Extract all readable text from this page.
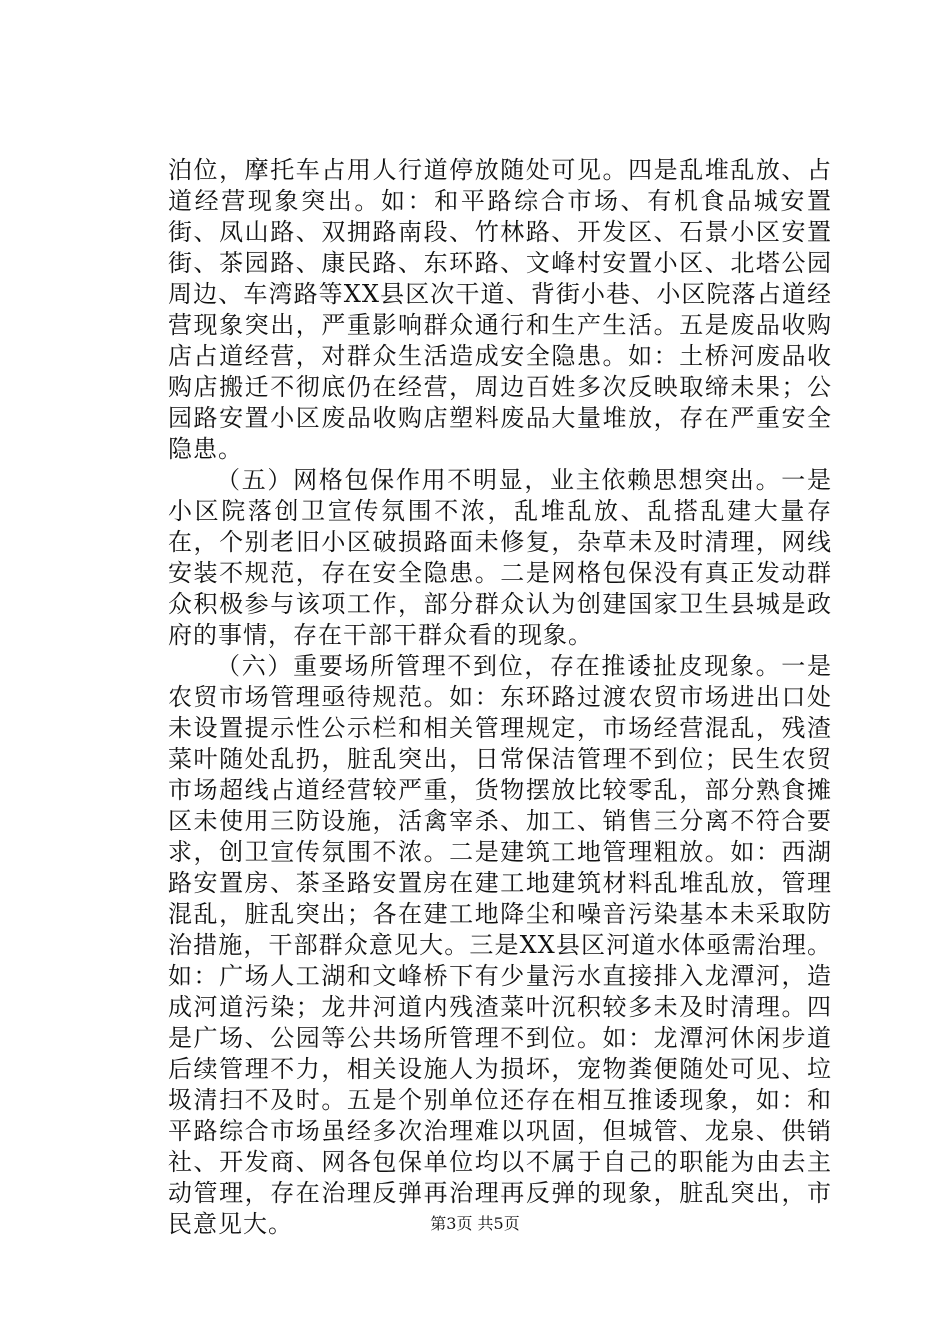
泊位，摩托车占用人行道停放随处可见。四是乱堆乱放、占道经营现象突出。如：和平路综合市场、有机食品城安置街、凤山路、双拥路南段、竹林路、开发区、石景小区安置街、茶园路、康民路、东环路、文峰村安置小区、北塔公园周边、车湾路等XX县区次干道、背街小巷、小区院落占道经营现象突出，严重影响群众通行和生产生活。五是废品收购店占道经营，对群众生活造成安全隐患。如：土桥河废品收购店搬迁不彻底仍在经营，周边百姓多次反映取缔未果；公园路安置小区废品收购店塑料废品大量堆放，存在严重安全隐患。

（五）网格包保作用不明显，业主依赖思想突出。一是小区院落创卫宣传氛围不浓，乱堆乱放、乱搭乱建大量存在，个别老旧小区破损路面未修复，杂草未及时清理，网线安装不规范，存在安全隐患。二是网格包保没有真正发动群众积极参与该项工作，部分群众认为创建国家卫生县城是政府的事情，存在干部干群众看的现象。

（六）重要场所管理不到位，存在推诿扯皮现象。一是农贸市场管理亟待规范。如：东环路过渡农贸市场进出口处未设置提示性公示栏和相关管理规定，市场经营混乱，残渣菜叶随处乱扔，脏乱突出，日常保洁管理不到位；民生农贸市场超线占道经营较严重，货物摆放比较零乱，部分熟食摊区未使用三防设施，活禽宰杀、加工、销售三分离不符合要求，创卫宣传氛围不浓。二是建筑工地管理粗放。如：西湖路安置房、茶圣路安置房在建工地建筑材料乱堆乱放，管理混乱，脏乱突出；各在建工地降尘和噪音污染基本未采取防治措施，干部群众意见大。三是XX县区河道水体亟需治理。如：广场人工湖和文峰桥下有少量污水直接排入龙潭河，造成河道污染；龙井河道内残渣菜叶沉积较多未及时清理。四是广场、公园等公共场所管理不到位。如：龙潭河休闲步道后续管理不力，相关设施人为损坏，宠物粪便随处可见、垃圾清扫不及时。五是个别单位还存在相互推诿现象，如：和平路综合市场虽经多次治理难以巩固，但城管、龙泉、供销社、开发商、网各包保单位均以不属于自己的职能为由去主动管理，存在治理反弹再治理再反弹的现象，脏乱突出，市民意见大。	第3页 共5页
